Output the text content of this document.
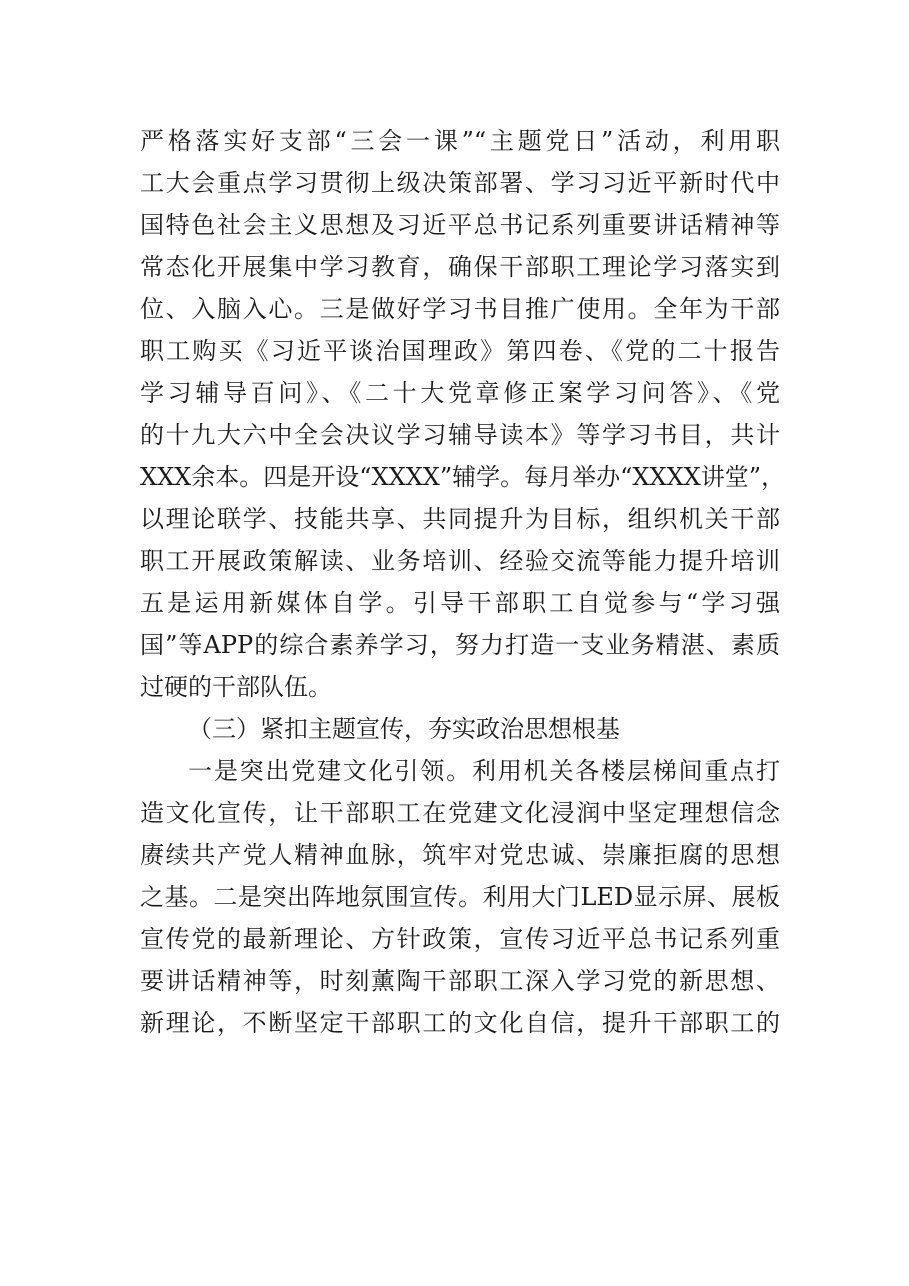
严格落实好支部“三会一课”“主题党日”活动，利用职
工大会重点学习贯彻上级决策部署、学习习近平新时代中
国特色社会主义思想及习近平总书记系列重要讲话精神等
常态化开展集中学习教育，确保干部职工理论学习落实到
位、入脑入心。三是做好学习书目推广使用。全年为干部
职工购买《习近平谈治国理政》第四卷、《党的二十报告
学习辅导百问》、《二十大党章修正案学习问答》、《党
的十九大六中全会决议学习辅导读本》等学习书目，共计
XXX余本。四是开设“XXXX”辅学。每月举办“XXXX讲堂”，
以理论联学、技能共享、共同提升为目标，组织机关干部
职工开展政策解读、业务培训、经验交流等能力提升培训
五是运用新媒体自学。引导干部职工自觉参与“学习强
国”等APP的综合素养学习，努力打造一支业务精湛、素质
过硬的干部队伍。
（三）紧扣主题宣传，夯实政治思想根基
一是突出党建文化引领。利用机关各楼层梯间重点打
造文化宣传，让干部职工在党建文化浸润中坚定理想信念
赓续共产党人精神血脉，筑牢对党忠诚、崇廉拒腐的思想
之基。二是突出阵地氛围宣传。利用大门LED显示屏、展板
宣传党的最新理论、方针政策，宣传习近平总书记系列重
要讲话精神等，时刻薰陶干部职工深入学习党的新思想、
新理论，不断坚定干部职工的文化自信，提升干部职工的
